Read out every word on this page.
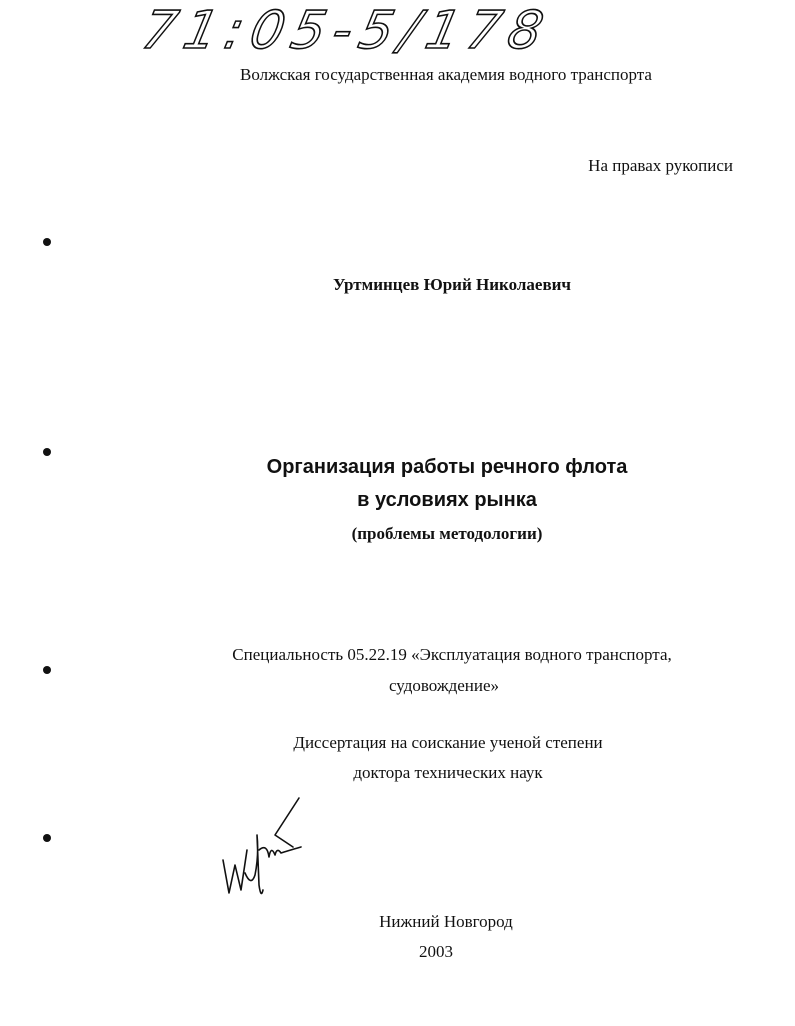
71:05-5/178
Волжская государственная академия водного транспорта
На правах рукописи
Уртминцев Юрий Николаевич
Организация работы речного флота
в условиях рынка
(проблемы методологии)
Специальность 05.22.19 «Эксплуатация водного транспорта,
судовождение»
Диссертация на соискание ученой степени
доктора технических наук
Нижний Новгород
2003
